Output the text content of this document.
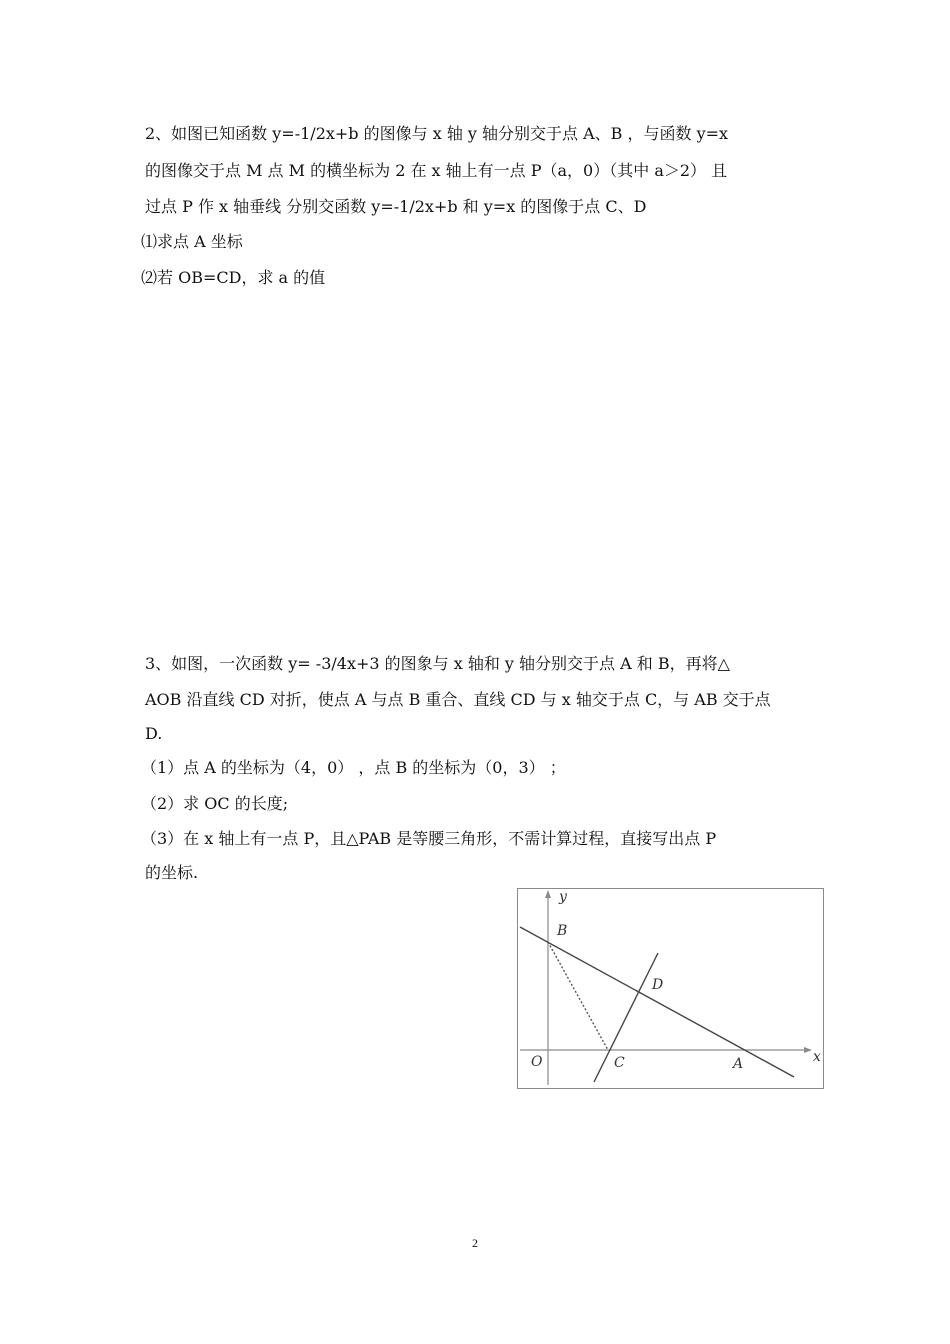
2、如图已知函数 y=-1/2x+b 的图像与 x 轴 y 轴分别交于点 A、B ，与函数 y=x
的图像交于点 M 点 M 的横坐标为 2 在 x 轴上有一点 P（a，0）（其中 a＞2） 且
过点 P 作 x 轴垂线 分别交函数 y=-1/2x+b 和 y=x 的图像于点 C、D
⑴求点 A 坐标
⑵若 OB=CD，求 a 的值
3、如图，一次函数 y= -3/4x+3 的图象与 x 轴和 y 轴分别交于点 A 和 B，再将△
AOB 沿直线 CD 对折，使点 A 与点 B 重合、直线 CD 与 x 轴交于点 C，与 AB 交于点
D.
（1）点 A 的坐标为（4，0） ，点 B 的坐标为（0，3） ；
（2）求 OC 的长度;
（3）在 x 轴上有一点 P，且△PAB 是等腰三角形，不需计算过程，直接写出点 P
的坐标.
y
x
B
D
O	C	A
2
